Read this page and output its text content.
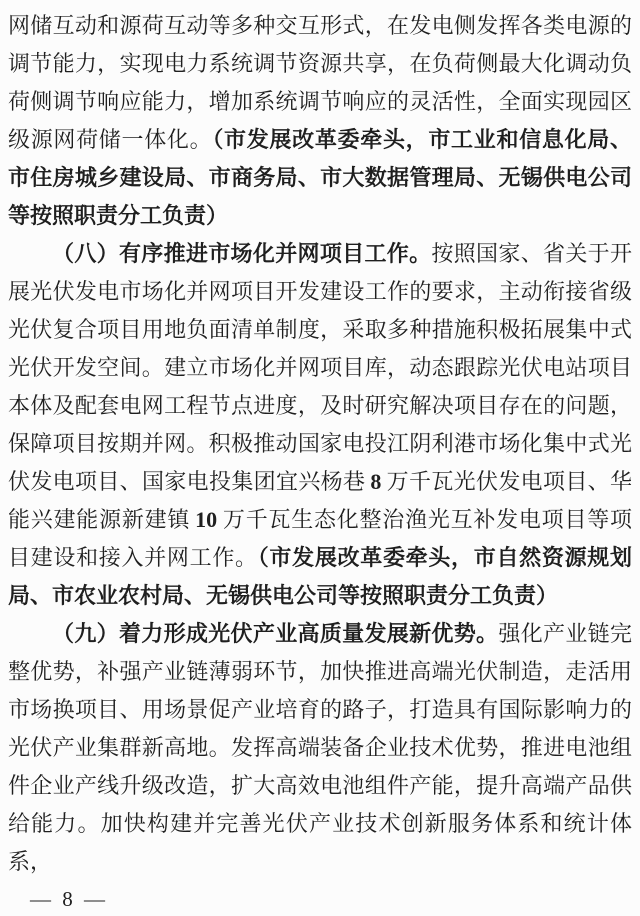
网储互动和源荷互动等多种交互形式，在发电侧发挥各类电源的调节能力，实现电力系统调节资源共享，在负荷侧最大化调动负荷侧调节响应能力，增加系统调节响应的灵活性，全面实现园区级源网荷储一体化。（市发展改革委牵头，市工业和信息化局、市住房城乡建设局、市商务局、市大数据管理局、无锡供电公司等按照职责分工负责）

（八）有序推进市场化并网项目工作。按照国家、省关于开展光伏发电市场化并网项目开发建设工作的要求，主动衔接省级光伏复合项目用地负面清单制度，采取多种措施积极拓展集中式光伏开发空间。建立市场化并网项目库，动态跟踪光伏电站项目本体及配套电网工程节点进度，及时研究解决项目存在的问题，保障项目按期并网。积极推动国家电投江阴利港市场化集中式光伏发电项目、国家电投集团宜兴杨巷 8 万千瓦光伏发电项目、华能兴建能源新建镇 10 万千瓦生态化整治渔光互补发电项目等项目建设和接入并网工作。（市发展改革委牵头，市自然资源规划局、市农业农村局、无锡供电公司等按照职责分工负责）

（九）着力形成光伏产业高质量发展新优势。强化产业链完整优势，补强产业链薄弱环节，加快推进高端光伏制造，走活用市场换项目、用场景促产业培育的路子，打造具有国际影响力的光伏产业集群新高地。发挥高端装备企业技术优势，推进电池组件企业产线升级改造，扩大高效电池组件产能，提升高端产品供给能力。加快构建并完善光伏产业技术创新服务体系和统计体系，

— 8 —
